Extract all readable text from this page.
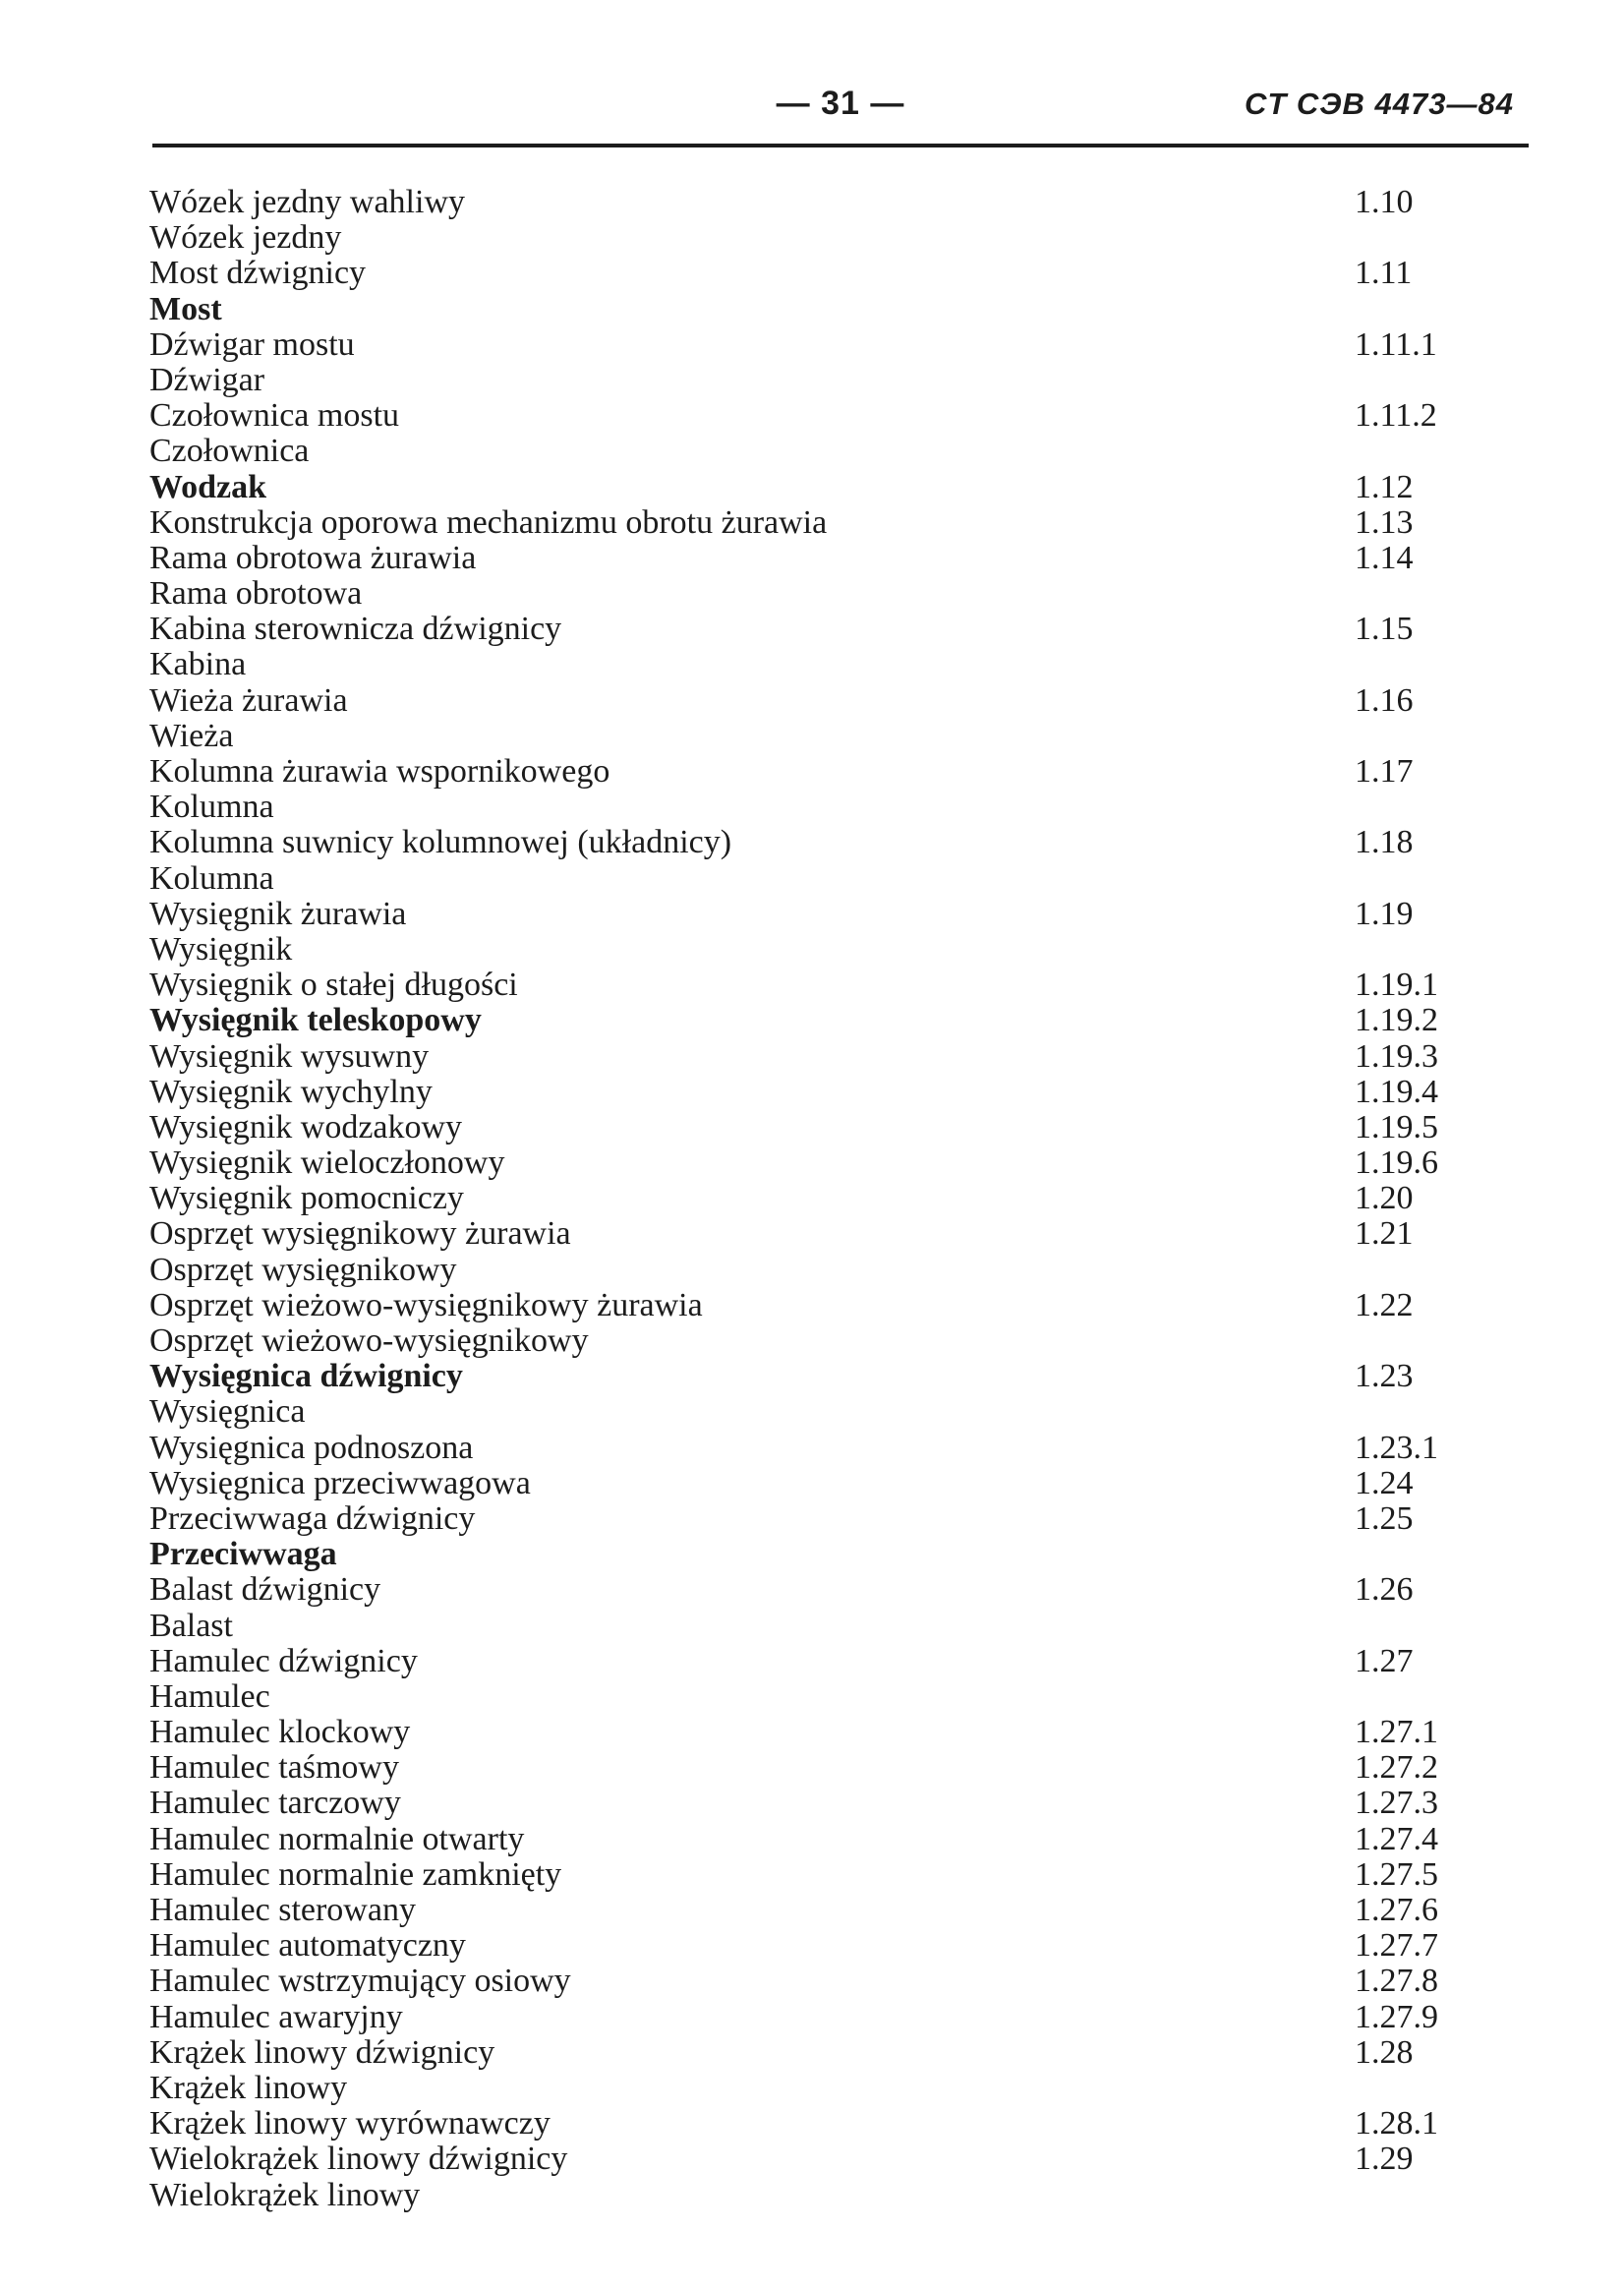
— 31 —	CT CЭB 4473—84
Wózek jezdny wahliwy	1.10
Wózek jezdny
Most dźwignicy	1.11
Most
Dźwigar mostu	1.11.1
Dźwigar
Czołownica mostu	1.11.2
Czołownica
Wodzak	1.12
Konstrukcja oporowa mechanizmu obrotu żurawia	1.13
Rama obrotowa żurawia	1.14
Rama obrotowa
Kabina sterownicza dźwignicy	1.15
Kabina
Wieża żurawia	1.16
Wieża
Kolumna żurawia wspornikowego	1.17
Kolumna
Kolumna suwnicy kolumnowej (układnicy)	1.18
Kolumna
Wysięgnik żurawia	1.19
Wysięgnik
Wysięgnik o stałej długości	1.19.1
Wysięgnik teleskopowy	1.19.2
Wysięgnik wysuwny	1.19.3
Wysięgnik wychylny	1.19.4
Wysięgnik wodzakowy	1.19.5
Wysięgnik wieloczłonowy	1.19.6
Wysięgnik pomocniczy	1.20
Osprzęt wysięgnikowy żurawia	1.21
Osprzęt wysięgnikowy
Osprzęt wieżowo-wysięgnikowy żurawia	1.22
Osprzęt wieżowo-wysięgnikowy
Wysięgnica dźwignicy	1.23
Wysięgnica
Wysięgnica podnoszona	1.23.1
Wysięgnica przeciwwagowa	1.24
Przeciwwaga dźwignicy	1.25
Przeciwwaga
Balast dźwignicy	1.26
Balast
Hamulec dźwignicy	1.27
Hamulec
Hamulec klockowy	1.27.1
Hamulec taśmowy	1.27.2
Hamulec tarczowy	1.27.3
Hamulec normalnie otwarty	1.27.4
Hamulec normalnie zamknięty	1.27.5
Hamulec sterowany	1.27.6
Hamulec automatyczny	1.27.7
Hamulec wstrzymujący osiowy	1.27.8
Hamulec awaryjny	1.27.9
Krążek linowy dźwignicy	1.28
Krążek linowy
Krążek linowy wyrównawczy	1.28.1
Wielokrążek linowy dźwignicy	1.29
Wielokrążek linowy
